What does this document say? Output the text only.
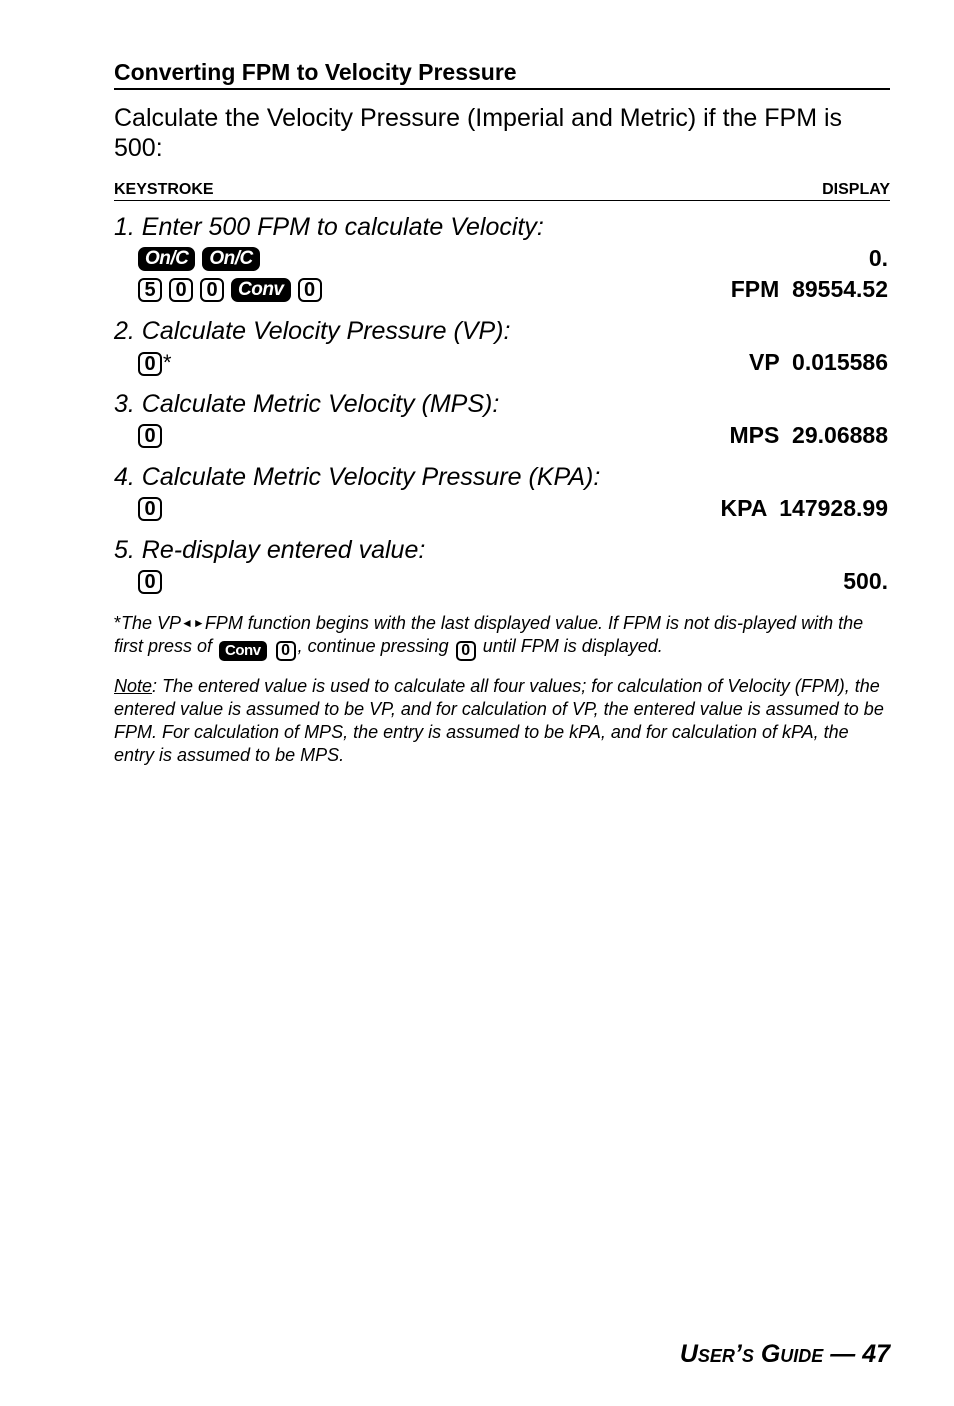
Converting FPM to Velocity Pressure
Calculate the Velocity Pressure (Imperial and Metric) if the FPM is 500:
KEYSTROKE	DISPLAY
1. Enter 500 FPM to calculate Velocity:
On/C	On/C	0.
5 0 0	Conv	0	FPM  89554.52
2. Calculate Velocity Pressure (VP):
0 *	VP  0.015586
3. Calculate Metric Velocity (MPS):
0	MPS  29.06888
4. Calculate Metric Velocity Pressure (KPA):
0	KPA  147928.99
5. Re-display entered value:
0	500.
*The VP◄►FPM function begins with the last displayed value. If FPM is not dis-played with the first press of Conv 0 , continue pressing 0 until FPM is displayed.
Note: The entered value is used to calculate all four values; for calculation of Velocity (FPM), the entered value is assumed to be VP, and for calculation of VP, the entered value is assumed to be FPM. For calculation of MPS, the entry is assumed to be kPA, and for calculation of kPA, the entry is assumed to be MPS.
User’s Guide — 47
